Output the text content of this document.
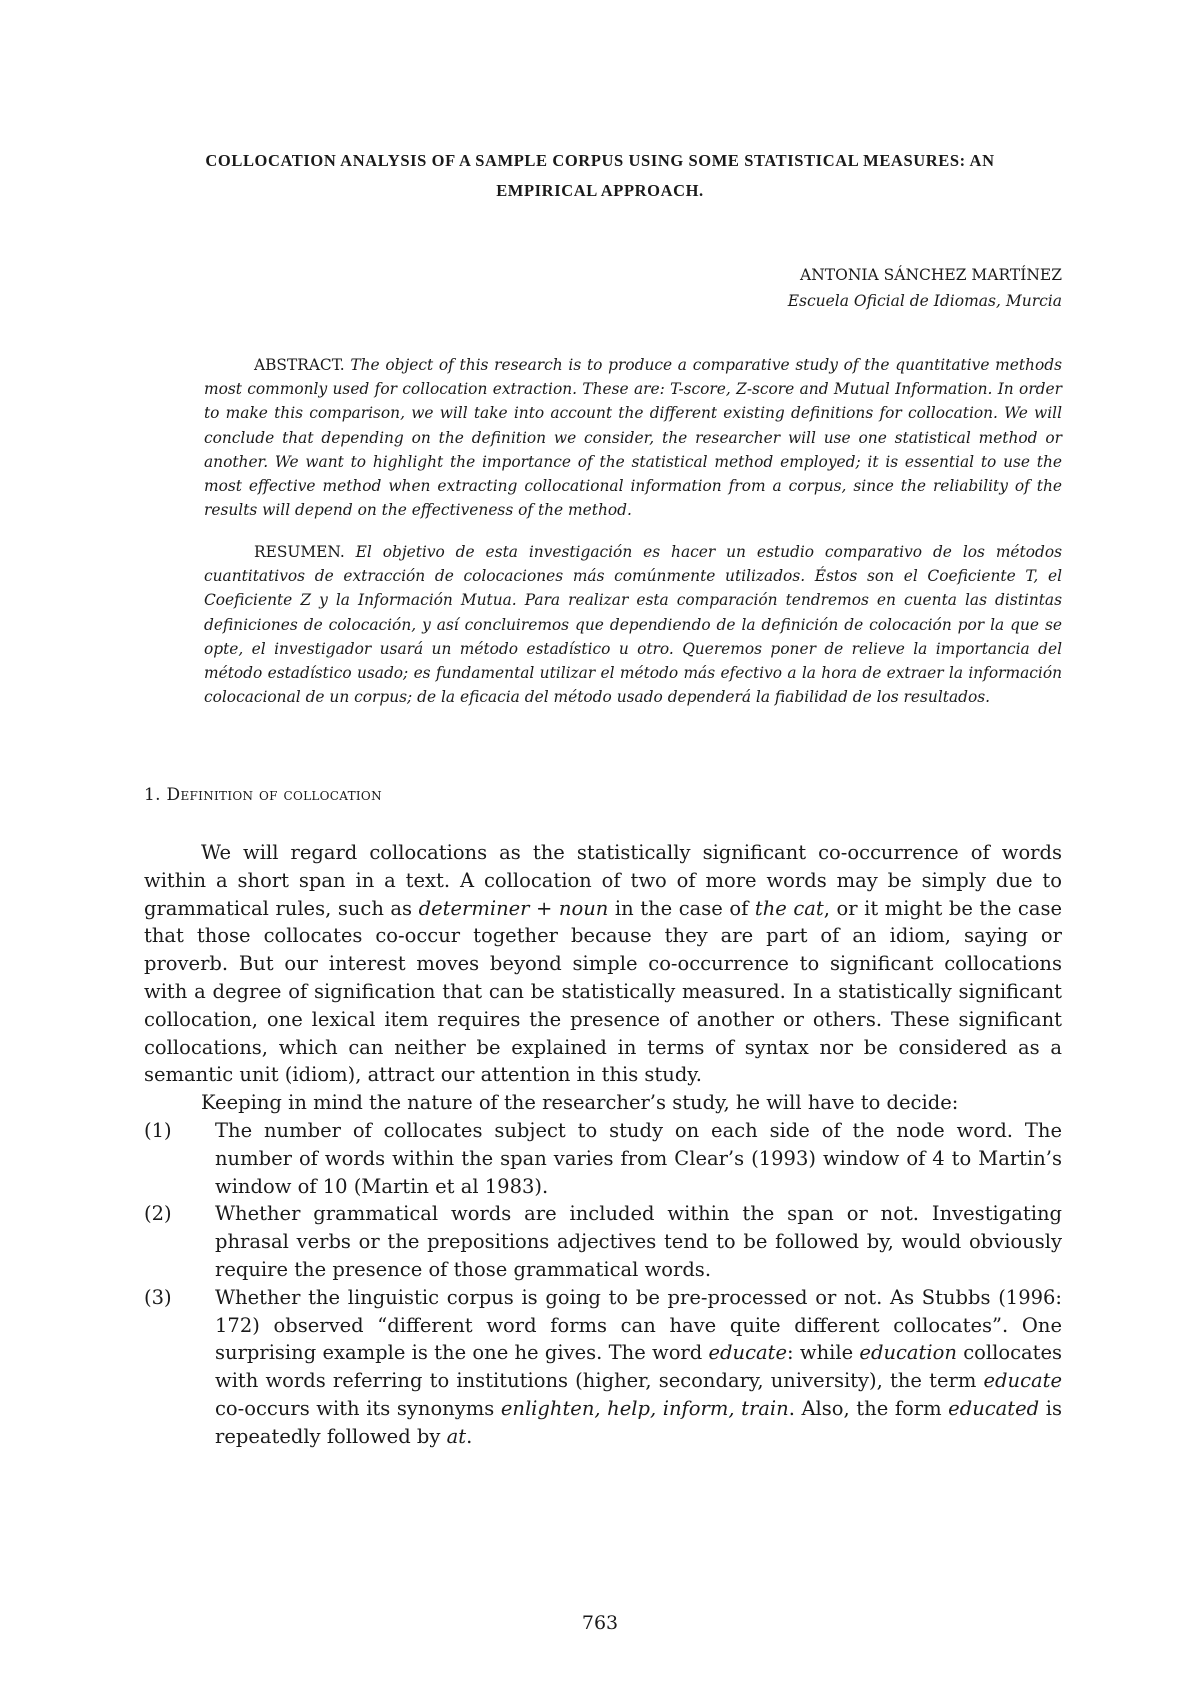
COLLOCATION ANALYSIS OF A SAMPLE CORPUS USING SOME STATISTICAL MEASURES: AN
EMPIRICAL APPROACH.
ANTONIA SÁNCHEZ MARTÍNEZ
Escuela Oficial de Idiomas, Murcia

ABSTRACT. The object of this research is to produce a comparative study of the quantitative methods most commonly used for collocation extraction. These are: T-score, Z-score and Mutual Information. In order to make this comparison, we will take into account the different existing definitions for collocation. We will conclude that depending on the definition we consider, the researcher will use one statistical method or another. We want to highlight the importance of the statistical method employed; it is essential to use the most effective method when extracting collocational information from a corpus, since the reliability of the results will depend on the effectiveness of the method.

RESUMEN. El objetivo de esta investigación es hacer un estudio comparativo de los métodos cuantitativos de extracción de colocaciones más comúnmente utilizados. Éstos son el Coeficiente T, el Coeficiente Z y la Información Mutua. Para realizar esta comparación tendremos en cuenta las distintas definiciones de colocación, y así concluiremos que dependiendo de la definición de colocación por la que se opte, el investigador usará un método estadístico u otro. Queremos poner de relieve la importancia del método estadístico usado; es fundamental utilizar el método más efectivo a la hora de extraer la información colocacional de un corpus; de la eficacia del método usado dependerá la fiabilidad de los resultados.

1. Definition of collocation

We will regard collocations as the statistically significant co-occurrence of words within a short span in a text. A collocation of two of more words may be simply due to grammatical rules, such as determiner + noun in the case of the cat, or it might be the case that those collocates co-occur together because they are part of an idiom, saying or proverb. But our interest moves beyond simple co-occurrence to significant collocations with a degree of signification that can be statistically measured. In a statistically significant collocation, one lexical item requires the presence of another or others. These significant collocations, which can neither be explained in terms of syntax nor be considered as a semantic unit (idiom), attract our attention in this study.

Keeping in mind the nature of the researcher’s study, he will have to decide:

(1)	The number of collocates subject to study on each side of the node word. The number of words within the span varies from Clear’s (1993) window of 4 to Martin’s window of 10 (Martin et al 1983).
(2)	Whether grammatical words are included within the span or not. Investigating phrasal verbs or the prepositions adjectives tend to be followed by, would obviously require the presence of those grammatical words.
(3)	Whether the linguistic corpus is going to be pre-processed or not. As Stubbs (1996: 172) observed “different word forms can have quite different collocates”. One surprising example is the one he gives. The word educate: while education collocates with words referring to institutions (higher, secondary, university), the term educate co-occurs with its synonyms enlighten, help, inform, train. Also, the form educated is repeatedly followed by at.
763
